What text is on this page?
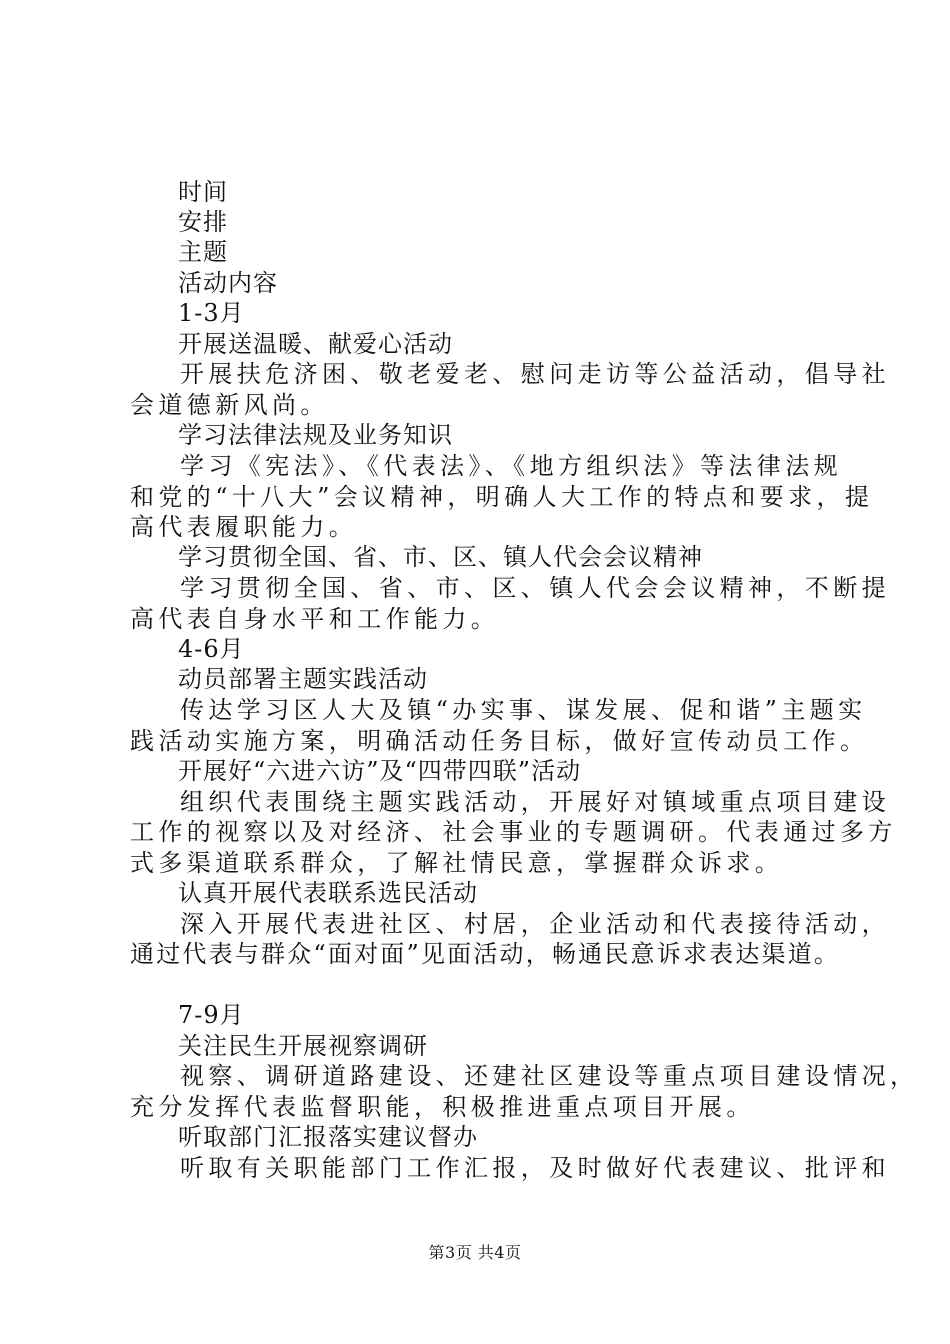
时间
安排
主题
活动内容
1-3月
开展送温暖、献爱心活动
开展扶危济困、敬老爱老、慰问走访等公益活动，倡导社
会道德新风尚。
学习法律法规及业务知识
学习《宪法》、《代表法》、《地方组织法》等法律法规
和党的“十八大”会议精神，明确人大工作的特点和要求，提
高代表履职能力。
学习贯彻全国、省、市、区、镇人代会会议精神
学习贯彻全国、省、市、区、镇人代会会议精神，不断提
高代表自身水平和工作能力。
4-6月
动员部署主题实践活动
传达学习区人大及镇“办实事、谋发展、促和谐”主题实
践活动实施方案，明确活动任务目标，做好宣传动员工作。
开展好“六进六访”及“四带四联”活动
组织代表围绕主题实践活动，开展好对镇域重点项目建设
工作的视察以及对经济、社会事业的专题调研。代表通过多方
式多渠道联系群众，了解社情民意，掌握群众诉求。
认真开展代表联系选民活动
深入开展代表进社区、村居，企业活动和代表接待活动，
通过代表与群众“面对面”见面活动，畅通民意诉求表达渠道。
7-9月
关注民生开展视察调研
视察、调研道路建设、还建社区建设等重点项目建设情况，
充分发挥代表监督职能，积极推进重点项目开展。
听取部门汇报落实建议督办
听取有关职能部门工作汇报，及时做好代表建议、批评和
第3页 共4页
